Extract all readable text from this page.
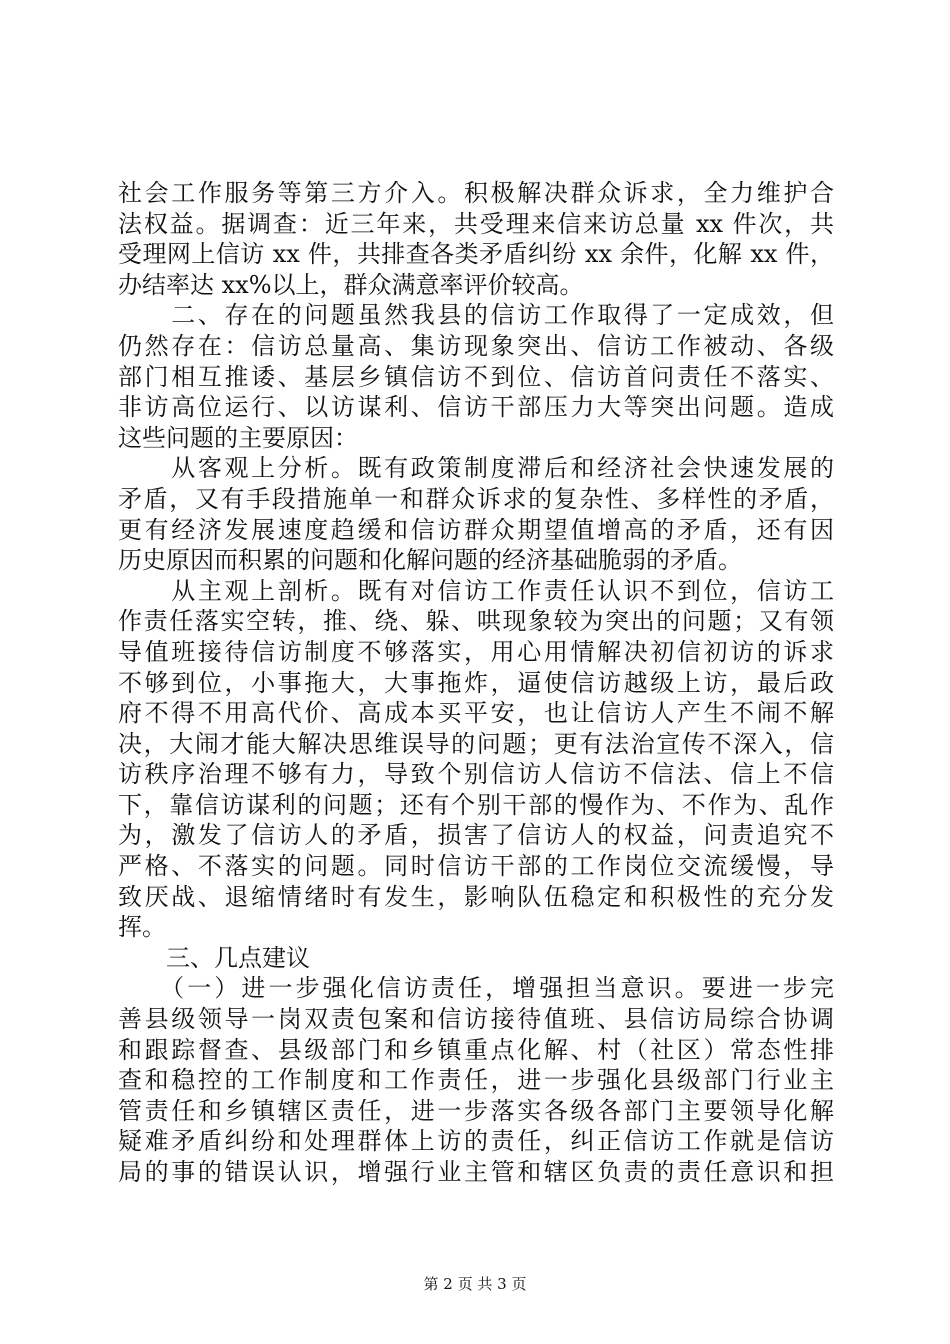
社会工作服务等第三方介入。积极解决群众诉求，全力维护合
法权益。据调查：近三年来，共受理来信来访总量 xx 件次，共
受理网上信访 xx 件，共排查各类矛盾纠纷 xx 余件，化解 xx 件，
办结率达 xx%以上，群众满意率评价较高。
　　二、存在的问题虽然我县的信访工作取得了一定成效，但
仍然存在：信访总量高、集访现象突出、信访工作被动、各级
部门相互推诿、基层乡镇信访不到位、信访首问责任不落实、
非访高位运行、以访谋利、信访干部压力大等突出问题。造成
这些问题的主要原因：
　　从客观上分析。既有政策制度滞后和经济社会快速发展的
矛盾，又有手段措施单一和群众诉求的复杂性、多样性的矛盾，
更有经济发展速度趋缓和信访群众期望值增高的矛盾，还有因
历史原因而积累的问题和化解问题的经济基础脆弱的矛盾。
　　从主观上剖析。既有对信访工作责任认识不到位，信访工
作责任落实空转，推、绕、躲、哄现象较为突出的问题；又有领
导值班接待信访制度不够落实，用心用情解决初信初访的诉求
不够到位，小事拖大，大事拖炸，逼使信访越级上访，最后政
府不得不用高代价、高成本买平安，也让信访人产生不闹不解
决，大闹才能大解决思维误导的问题；更有法治宣传不深入，信
访秩序治理不够有力，导致个别信访人信访不信法、信上不信
下，靠信访谋利的问题；还有个别干部的慢作为、不作为、乱作
为，激发了信访人的矛盾，损害了信访人的权益，问责追究不
严格、不落实的问题。同时信访干部的工作岗位交流缓慢，导
致厌战、退缩情绪时有发生，影响队伍稳定和积极性的充分发
挥。
　　三、几点建议
　　（一）进一步强化信访责任，增强担当意识。要进一步完
善县级领导一岗双责包案和信访接待值班、县信访局综合协调
和跟踪督查、县级部门和乡镇重点化解、村（社区）常态性排
查和稳控的工作制度和工作责任，进一步强化县级部门行业主
管责任和乡镇辖区责任，进一步落实各级各部门主要领导化解
疑难矛盾纠纷和处理群体上访的责任，纠正信访工作就是信访
局的事的错误认识，增强行业主管和辖区负责的责任意识和担
第 2 页 共 3 页
